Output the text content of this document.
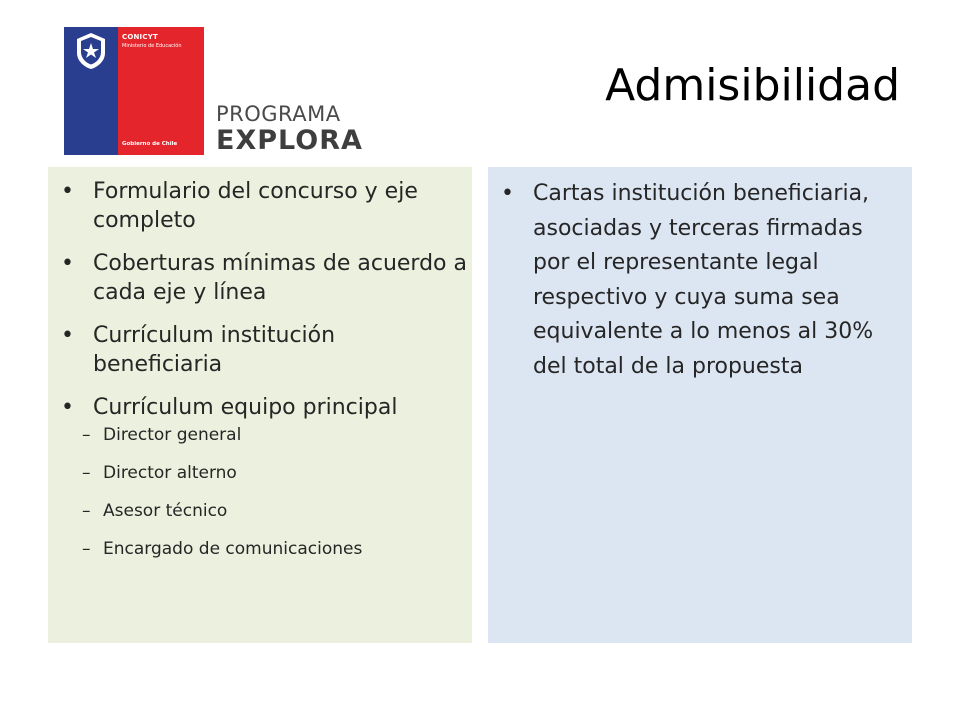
CONICYT
Ministerio de Educación
Gobierno de Chile
PROGRAMA
EXPLORA
Admisibilidad
• Formulario del concurso y eje completo
• Coberturas mínimas de acuerdo a cada eje y línea
• Currículum institución beneficiaria
• Currículum equipo principal
– Director general
– Director alterno
– Asesor técnico
– Encargado de comunicaciones
• Cartas institución beneficiaria, asociadas y terceras firmadas por el representante legal respectivo y cuya suma sea equivalente a lo menos al 30% del total de la propuesta
